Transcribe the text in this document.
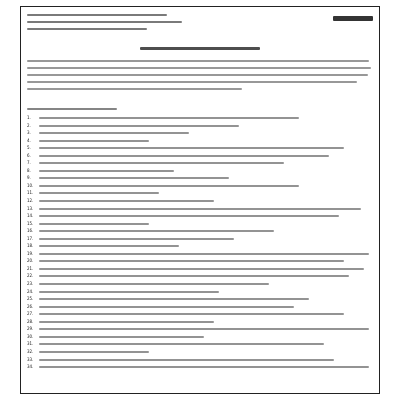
1.
2.
3.
4.
5.
6.
7.
8.
9.
10.
11.
12.
13.
14.
15.
16.
17.
18.
19.
20.
21.
22.
23.
24.
25.
26.
27.
28.
29.
30.
31.
32.
33.
34.
